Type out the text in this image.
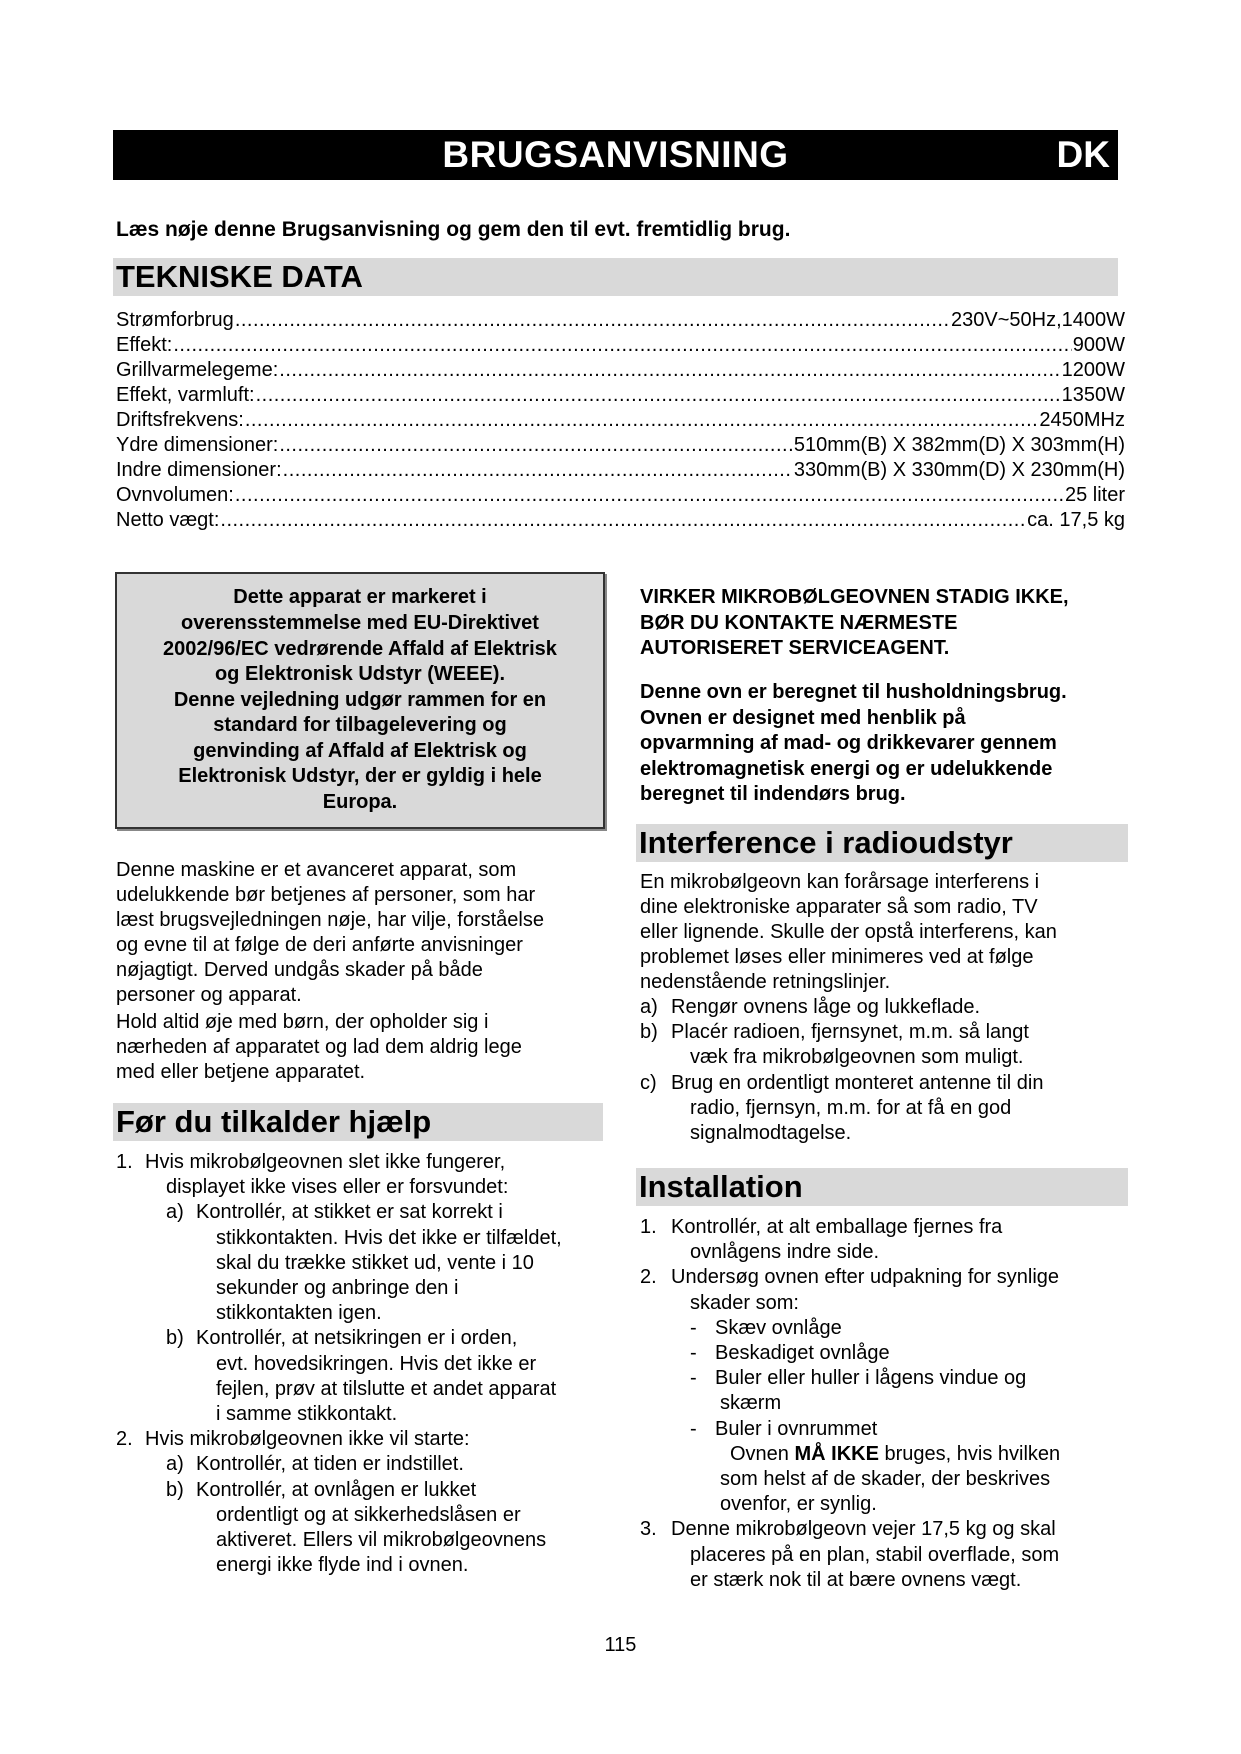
BRUGSANVISNING	DK
Læs nøje denne Brugsanvisning og gem den til evt. fremtidlig brug.
TEKNISKE DATA
Strømforbrug .....	230V~50Hz,1400W
Effekt: .....	900W
Grillvarmelegeme: .....	1200W
Effekt, varmluft: .....	1350W
Driftsfrekvens: .....	2450MHz
Ydre dimensioner: .....	510mm(B) X 382mm(D) X 303mm(H)
Indre dimensioner: .....	330mm(B) X 330mm(D) X 230mm(H)
Ovnvolumen: .....	25 liter
Netto vægt: .....	ca. 17,5 kg
Dette apparat er markeret i
overensstemmelse med EU-Direktivet
2002/96/EC vedrørende Affald af Elektrisk
og Elektronisk Udstyr (WEEE).
Denne vejledning udgør rammen for en
standard for tilbagelevering og
genvinding af Affald af Elektrisk og
Elektronisk Udstyr, der er gyldig i hele
Europa.
Denne maskine er et avanceret apparat, som
udelukkende bør betjenes af personer, som har
læst brugsvejledningen nøje, har vilje, forståelse
og evne til at følge de deri anførte anvisninger
nøjagtigt. Derved undgås skader på både
personer og apparat.
Hold altid øje med børn, der opholder sig i
nærheden af apparatet og lad dem aldrig lege
med eller betjene apparatet.
Før du tilkalder hjælp
1. Hvis mikrobølgeovnen slet ikke fungerer,
displayet ikke vises eller er forsvundet:
a) Kontrollér, at stikket er sat korrekt i
stikkontakten. Hvis det ikke er tilfældet,
skal du trække stikket ud, vente i 10
sekunder og anbringe den i
stikkontakten igen.
b) Kontrollér, at netsikringen er i orden,
evt. hovedsikringen. Hvis det ikke er
fejlen, prøv at tilslutte et andet apparat
i samme stikkontakt.
2. Hvis mikrobølgeovnen ikke vil starte:
a) Kontrollér, at tiden er indstillet.
b) Kontrollér, at ovnlågen er lukket
ordentligt og at sikkerhedslåsen er
aktiveret. Ellers vil mikrobølgeovnens
energi ikke flyde ind i ovnen.
VIRKER MIKROBØLGEOVNEN STADIG IKKE,
BØR DU KONTAKTE NÆRMESTE
AUTORISERET SERVICEAGENT.
Denne ovn er beregnet til husholdningsbrug.
Ovnen er designet med henblik på
opvarmning af mad- og drikkevarer gennem
elektromagnetisk energi og er udelukkende
beregnet til indendørs brug.
Interference i radioudstyr
En mikrobølgeovn kan forårsage interferens i
dine elektroniske apparater så som radio, TV
eller lignende. Skulle der opstå interferens, kan
problemet løses eller minimeres ved at følge
nedenstående retningslinjer.
a) Rengør ovnens låge og lukkeflade.
b) Placér radioen, fjernsynet, m.m. så langt
væk fra mikrobølgeovnen som muligt.
c) Brug en ordentligt monteret antenne til din
radio, fjernsyn, m.m. for at få en god
signalmodtagelse.
Installation
1. Kontrollér, at alt emballage fjernes fra
ovnlågens indre side.
2. Undersøg ovnen efter udpakning for synlige
skader som:
- Skæv ovnlåge
- Beskadiget ovnlåge
- Buler eller huller i lågens vindue og
skærm
- Buler i ovnrummet
Ovnen MÅ IKKE bruges, hvis hvilken
som helst af de skader, der beskrives
ovenfor, er synlig.
3. Denne mikrobølgeovn vejer 17,5 kg og skal
placeres på en plan, stabil overflade, som
er stærk nok til at bære ovnens vægt.
115
